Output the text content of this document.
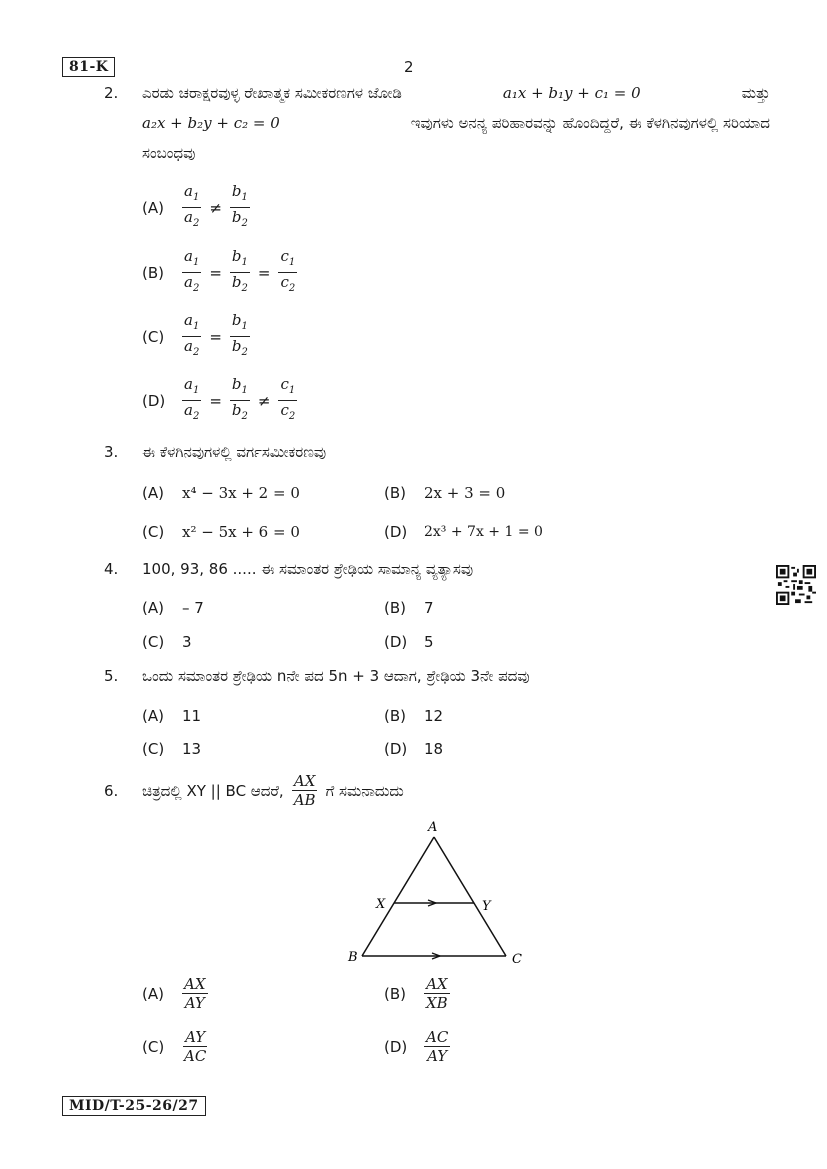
81-K	2
2.	ಎರಡು ಚರಾಕ್ಷರವುಳ್ಳ ರೇಖಾತ್ಮಕ ಸಮೀಕರಣಗಳ ಜೋಡಿ	a₁x + b₁y + c₁ = 0	ಮತ್ತು
a₂x + b₂y + c₂ = 0	ಇವುಗಳು ಅನನ್ಯ ಪರಿಹಾರವನ್ನು ಹೊಂದಿದ್ದರೆ, ಈ ಕೆಳಗಿನವುಗಳಲ್ಲಿ ಸರಿಯಾದ
ಸಂಬಂಧವು
(A)	$\frac{a_1}{a_2} \ne \frac{b_1}{b_2}$
(B)	$\frac{a_1}{a_2} = \frac{b_1}{b_2} = \frac{c_1}{c_2}$
(C)	$\frac{a_1}{a_2} = \frac{b_1}{b_2}$
(D)	$\frac{a_1}{a_2} = \frac{b_1}{b_2} \ne \frac{c_1}{c_2}$
3.	ಈ ಕೆಳಗಿನವುಗಳಲ್ಲಿ ವರ್ಗಸಮೀಕರಣವು
(A)	x⁴ − 3x + 2 = 0	(B)	2x + 3 = 0
(C)	x² − 5x + 6 = 0	(D)	2x³ + 7x + 1 = 0
4.	100, 93, 86 ..... ಈ ಸಮಾಂತರ ಶ್ರೇಢಿಯ ಸಾಮಾನ್ಯ ವ್ಯತ್ಯಾಸವು
(A)	– 7	(B)	7
(C)	3	(D)	5
5.	ಒಂದು ಸಮಾಂತರ ಶ್ರೇಢಿಯ nನೇ ಪದ 5n + 3 ಆದಾಗ, ಶ್ರೇಢಿಯ 3ನೇ ಪದವು
(A)	11	(B)	12
(C)	13	(D)	18
6.	ಚಿತ್ರದಲ್ಲಿ XY || BC ಆದರೆ, $\frac{AX}{AB}$ ಗೆ ಸಮನಾದುದು
A
X	Y
B	C
(A)	$\frac{AX}{AY}$	(B)	$\frac{AX}{XB}$
(C)	$\frac{AY}{AC}$	(D)	$\frac{AC}{AY}$
MID/T-25-26/27
